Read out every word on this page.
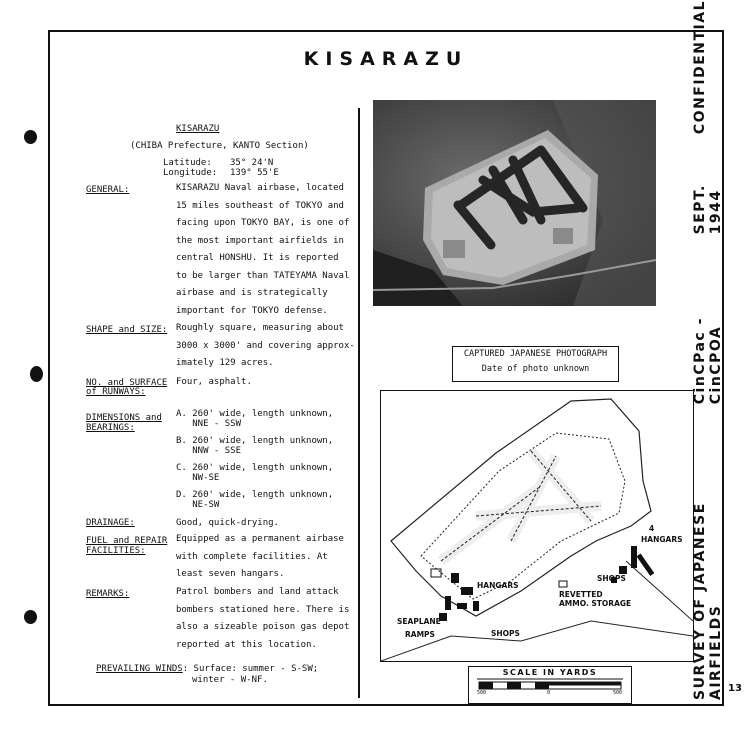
SURVEY OF JAPANESE AIRFIELDS
CinCPac - CinCPOA
SEPT. 1944
CONFIDENTIAL
13
KISARAZU
KISARAZU
(CHIBA Prefecture, KANTO Section)
Latitude: 35° 24'N
Longitude: 139° 55'E
GENERAL:	KISARAZU Naval airbase, located
15 miles southeast of TOKYO and
facing upon TOKYO BAY, is one of
the most important airfields in
central HONSHU. It is reported
to be larger than TATEYAMA Naval
airbase and is strategically
important for TOKYO defense.
SHAPE and SIZE: Roughly square, measuring about
3000 x 3000' and covering approx-
imately 129 acres.
NO. and SURFACE
of RUNWAYS:
Four, asphalt.
DIMENSIONS and
BEARINGS:
A. 260' wide, length unknown,
NNE - SSW
B. 260' wide, length unknown,
NNW - SSE
C. 260' wide, length unknown,
NW-SE
D. 260' wide, length unknown,
NE-SW
DRAINAGE:	Good, quick-drying.
FUEL and REPAIR
FACILITIES:
Equipped as a permanent airbase
with complete facilities. At
least seven hangars.
REMARKS:	Patrol bombers and land attack
bombers stationed here. There is
also a sizeable poison gas depot
reported at this location.
PREVAILING WINDS: Surface: summer - S-SW;
winter - W-NF.
CAPTURED JAPANESE PHOTOGRAPH
Date of photo unknown
4
HANGARS
SHOPS
HANGARS
REVETTED
AMMO. STORAGE
SEAPLANE
RAMPS	SHOPS
SCALE IN YARDS
500	0	500
